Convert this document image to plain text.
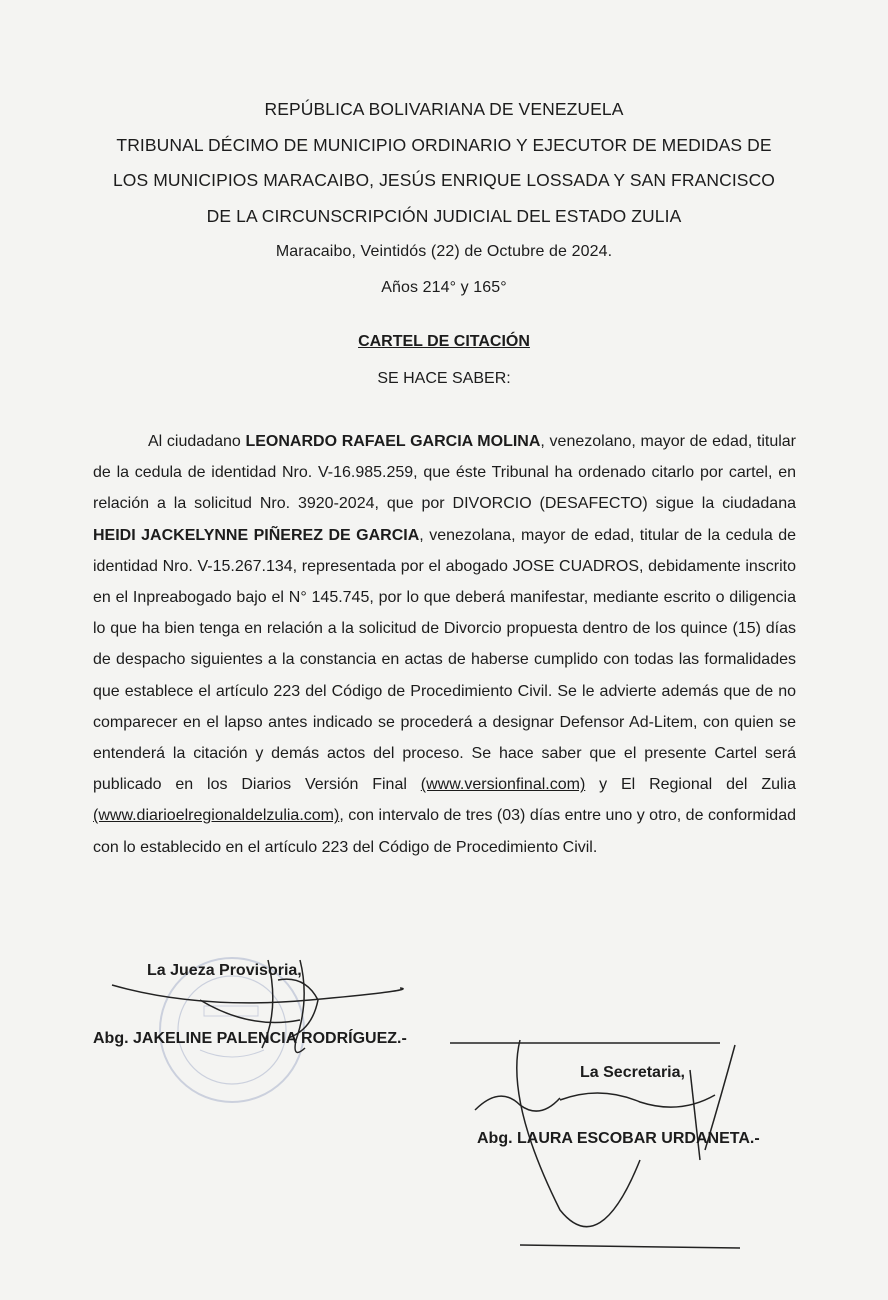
REPÚBLICA BOLIVARIANA DE VENEZUELA
TRIBUNAL DÉCIMO DE MUNICIPIO ORDINARIO Y EJECUTOR DE MEDIDAS DE
LOS MUNICIPIOS MARACAIBO, JESÚS ENRIQUE LOSSADA Y SAN FRANCISCO
DE LA CIRCUNSCRIPCIÓN JUDICIAL DEL ESTADO ZULIA
Maracaibo, Veintidós (22) de Octubre de 2024.
Años 214° y 165°
CARTEL DE CITACIÓN
SE HACE SABER:
Al ciudadano LEONARDO RAFAEL GARCIA MOLINA, venezolano, mayor de edad, titular de la cedula de identidad Nro. V-16.985.259, que éste Tribunal ha ordenado citarlo por cartel, en relación a la solicitud Nro. 3920-2024, que por DIVORCIO (DESAFECTO) sigue la ciudadana HEIDI JACKELYNNE PIÑEREZ DE GARCIA, venezolana, mayor de edad, titular de la cedula de identidad Nro. V-15.267.134, representada por el abogado JOSE CUADROS, debidamente inscrito en el Inpreabogado bajo el N° 145.745, por lo que deberá manifestar, mediante escrito o diligencia lo que ha bien tenga en relación a la solicitud de Divorcio propuesta dentro de los quince (15) días de despacho siguientes a la constancia en actas de haberse cumplido con todas las formalidades que establece el artículo 223 del Código de Procedimiento Civil. Se le advierte además que de no comparecer en el lapso antes indicado se procederá a designar Defensor Ad-Litem, con quien se entenderá la citación y demás actos del proceso. Se hace saber que el presente Cartel será publicado en los Diarios Versión Final (www.versionfinal.com) y El Regional del Zulia (www.diarioelregionaldelzulia.com), con intervalo de tres (03) días entre uno y otro, de conformidad con lo establecido en el artículo 223 del Código de Procedimiento Civil.
La Jueza Provisoria,
Abg. JAKELINE PALENCIA RODRÍGUEZ.-
La Secretaria,
Abg. LAURA ESCOBAR URDANETA.-
